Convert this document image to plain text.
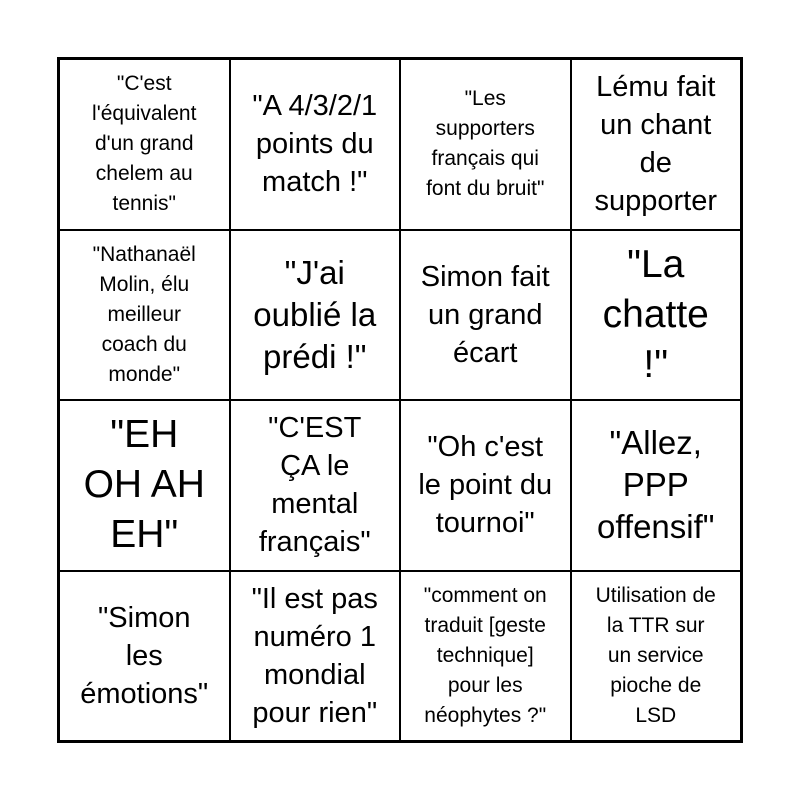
"C'est
l'équivalent
d'un grand
chelem au
tennis"
"A 4/3/2/1
points du
match !"
"Les
supporters
français qui
font du bruit"
Lému fait
un chant
de
supporter
"Nathanaël
Molin, élu
meilleur
coach du
monde"
"J'ai
oublié la
prédi !"
Simon fait
un grand
écart
"La
chatte
!"
"EH
OH AH
EH"
"C'EST
ÇA le
mental
français"
"Oh c'est
le point du
tournoi"
"Allez,
PPP
offensif"
"Simon
les
émotions"
"Il est pas
numéro 1
mondial
pour rien"
"comment on
traduit [geste
technique]
pour les
néophytes ?"
Utilisation de
la TTR sur
un service
pioche de
LSD
